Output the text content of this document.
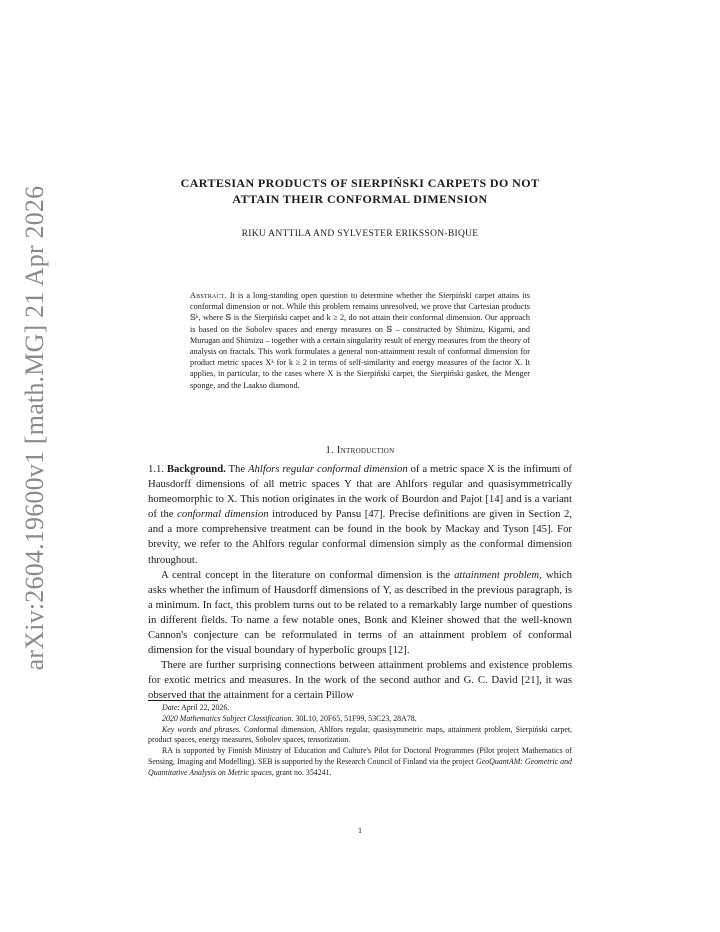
arXiv:2604.19600v1 [math.MG] 21 Apr 2026
CARTESIAN PRODUCTS OF SIERPIŃSKI CARPETS DO NOT
ATTAIN THEIR CONFORMAL DIMENSION
RIKU ANTTILA AND SYLVESTER ERIKSSON-BIQUE
Abstract. It is a long-standing open question to determine whether the Sierpiński carpet attains its conformal dimension or not. While this problem remains unresolved, we prove that Cartesian products 𝕊ᵏ, where 𝕊 is the Sierpiński carpet and k ≥ 2, do not attain their conformal dimension. Our approach is based on the Sobolev spaces and energy measures on 𝕊 – constructed by Shimizu, Kigami, and Murugan and Shimizu – together with a certain singularity result of energy measures from the theory of analysis on fractals. This work formulates a general non-attainment result of conformal dimension for product metric spaces Xᵏ for k ≥ 2 in terms of self-similarity and energy measures of the factor X. It applies, in particular, to the cases where X is the Sierpiński carpet, the Sierpiński gasket, the Menger sponge, and the Laakso diamond.
1. Introduction

1.1. Background. The Ahlfors regular conformal dimension of a metric space X is the infimum of Hausdorff dimensions of all metric spaces Y that are Ahlfors regular and quasisymmetrically homeomorphic to X. This notion originates in the work of Bourdon and Pajot [14] and is a variant of the conformal dimension introduced by Pansu [47]. Precise definitions are given in Section 2, and a more comprehensive treatment can be found in the book by Mackay and Tyson [45]. For brevity, we refer to the Ahlfors regular conformal dimension simply as the conformal dimension throughout.

A central concept in the literature on conformal dimension is the attainment problem, which asks whether the infimum of Hausdorff dimensions of Y, as described in the previous paragraph, is a minimum. In fact, this problem turns out to be related to a remarkably large number of questions in different fields. To name a few notable ones, Bonk and Kleiner showed that the well-known Cannon's conjecture can be reformulated in terms of an attainment problem of conformal dimension for the visual boundary of hyperbolic groups [12].

There are further surprising connections between attainment problems and existence problems for exotic metrics and measures. In the work of the second author and G. C. David [21], it was observed that the attainment for a certain Pillow

Date: April 22, 2026.

2020 Mathematics Subject Classification. 30L10, 20F65, 51F99, 53C23, 28A78.

Key words and phrases. Conformal dimension, Ahlfors regular, quasisymmetric maps, attainment problem, Sierpiński carpet, product spaces, energy measures, Sobolev spaces, tensorization.

RA is supported by Finnish Ministry of Education and Culture's Pilot for Doctoral Programmes (Pilot project Mathematics of Sensing, Imaging and Modelling). SEB is supported by the Research Council of Finland via the project GeoQuantAM: Geometric and Quantitative Analysis on Metric spaces, grant no. 354241.

1
